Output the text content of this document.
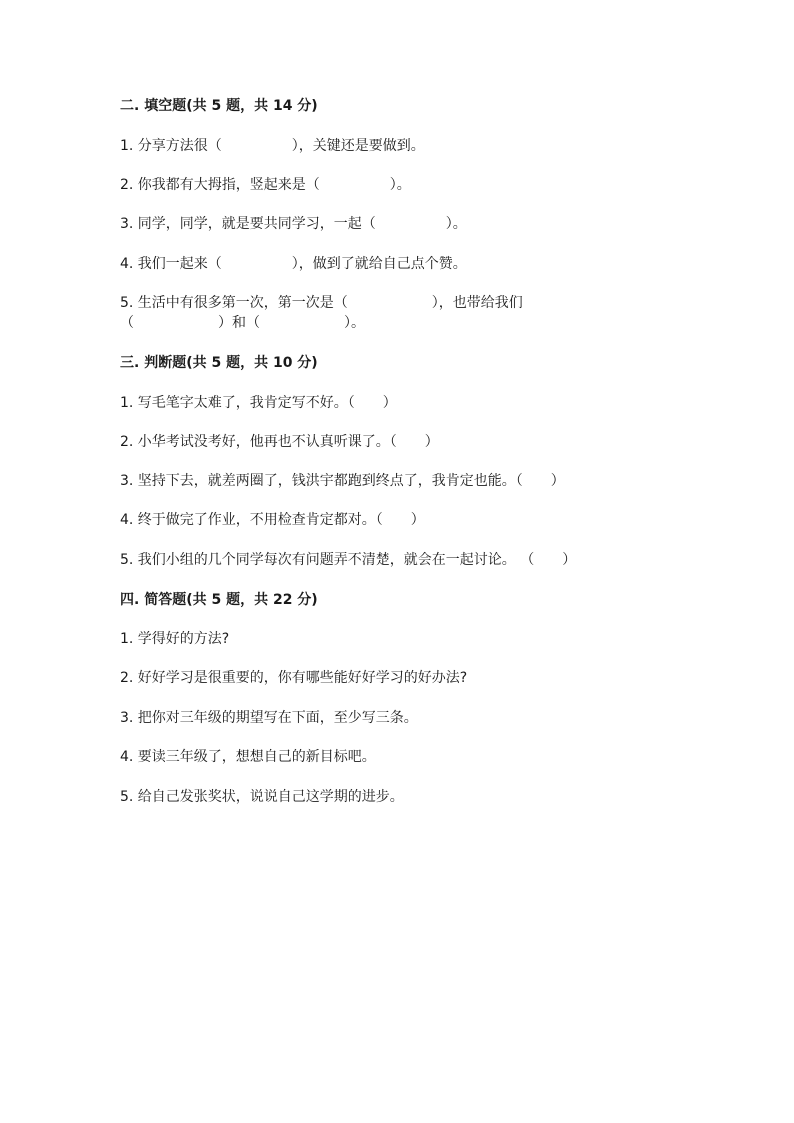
二. 填空题(共 5 题，共 14 分)
1. 分享方法很（　　　　　），关键还是要做到。
2. 你我都有大拇指，竖起来是（　　　　　）。
3. 同学，同学，就是要共同学习，一起（　　　　　）。
4. 我们一起来（　　　　　），做到了就给自己点个赞。
5. 生活中有很多第一次，第一次是（　　　　　　），也带给我们
（　　　　　　）和（　　　　　　）。
三. 判断题(共 5 题，共 10 分)
1. 写毛笔字太难了，我肯定写不好。（　　）
2. 小华考试没考好，他再也不认真听课了。（　　）
3. 坚持下去，就差两圈了，钱洪宇都跑到终点了，我肯定也能。（　　）
4. 终于做完了作业，不用检查肯定都对。（　　）
5. 我们小组的几个同学每次有问题弄不清楚，就会在一起讨论。 （　　）
四. 简答题(共 5 题，共 22 分)
1. 学得好的方法?
2. 好好学习是很重要的，你有哪些能好好学习的好办法?
3. 把你对三年级的期望写在下面，至少写三条。
4. 要读三年级了，想想自己的新目标吧。
5. 给自己发张奖状，说说自己这学期的进步。
